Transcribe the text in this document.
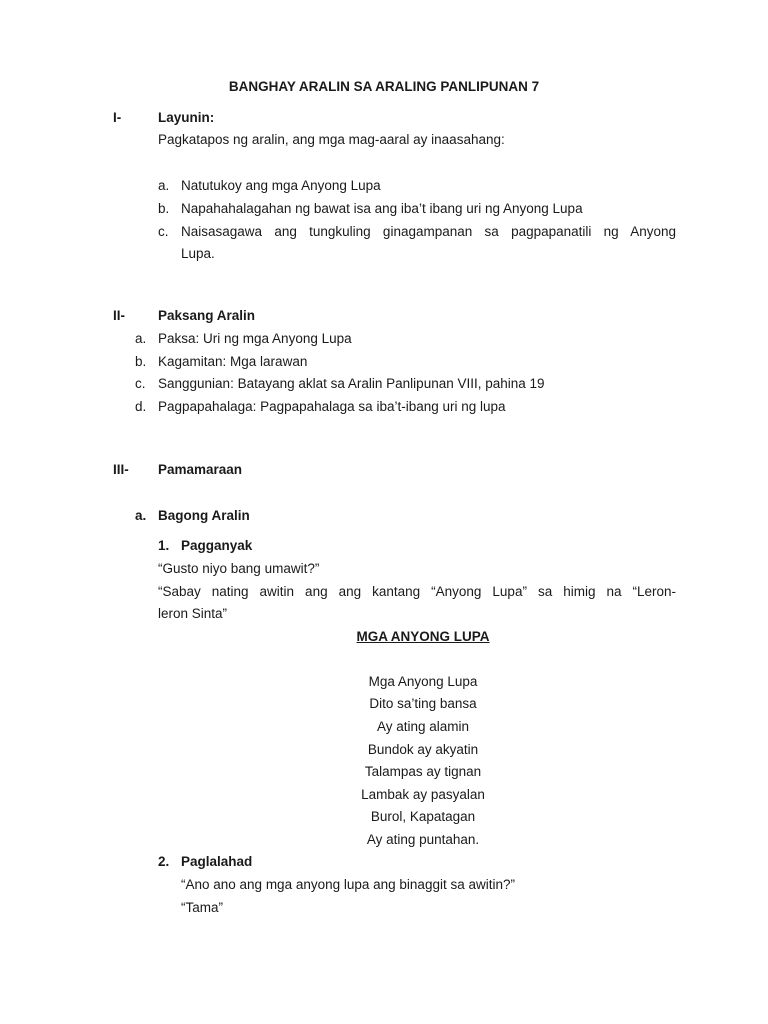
BANGHAY ARALIN SA ARALING PANLIPUNAN 7
I-	Layunin:
Pagkatapos ng aralin, ang mga mag-aaral ay inaasahang:
a. Natutukoy ang mga Anyong Lupa
b. Napahahalagahan ng bawat isa ang iba’t ibang uri ng Anyong Lupa
c. Naisasagawa ang tungkuling ginagampanan sa pagpapanatili ng Anyong
Lupa.
II- Paksang Aralin
a. Paksa: Uri ng mga Anyong Lupa
b. Kagamitan: Mga larawan
c. Sanggunian: Batayang aklat sa Aralin Panlipunan VIII, pahina 19
d. Pagpapahalaga: Pagpapahalaga sa iba’t-ibang uri ng lupa
III- Pamamaraan
a. Bagong Aralin
1. Pagganyak
“Gusto niyo bang umawit?”
“Sabay nating awitin ang ang kantang “Anyong Lupa” sa himig na “Leron-
leron Sinta”
MGA ANYONG LUPA
Mga Anyong Lupa
Dito sa’ting bansa
Ay ating alamin
Bundok ay akyatin
Talampas ay tignan
Lambak ay pasyalan
Burol, Kapatagan
Ay ating puntahan.
2. Paglalahad
“Ano ano ang mga anyong lupa ang binaggit sa awitin?”
“Tama”
